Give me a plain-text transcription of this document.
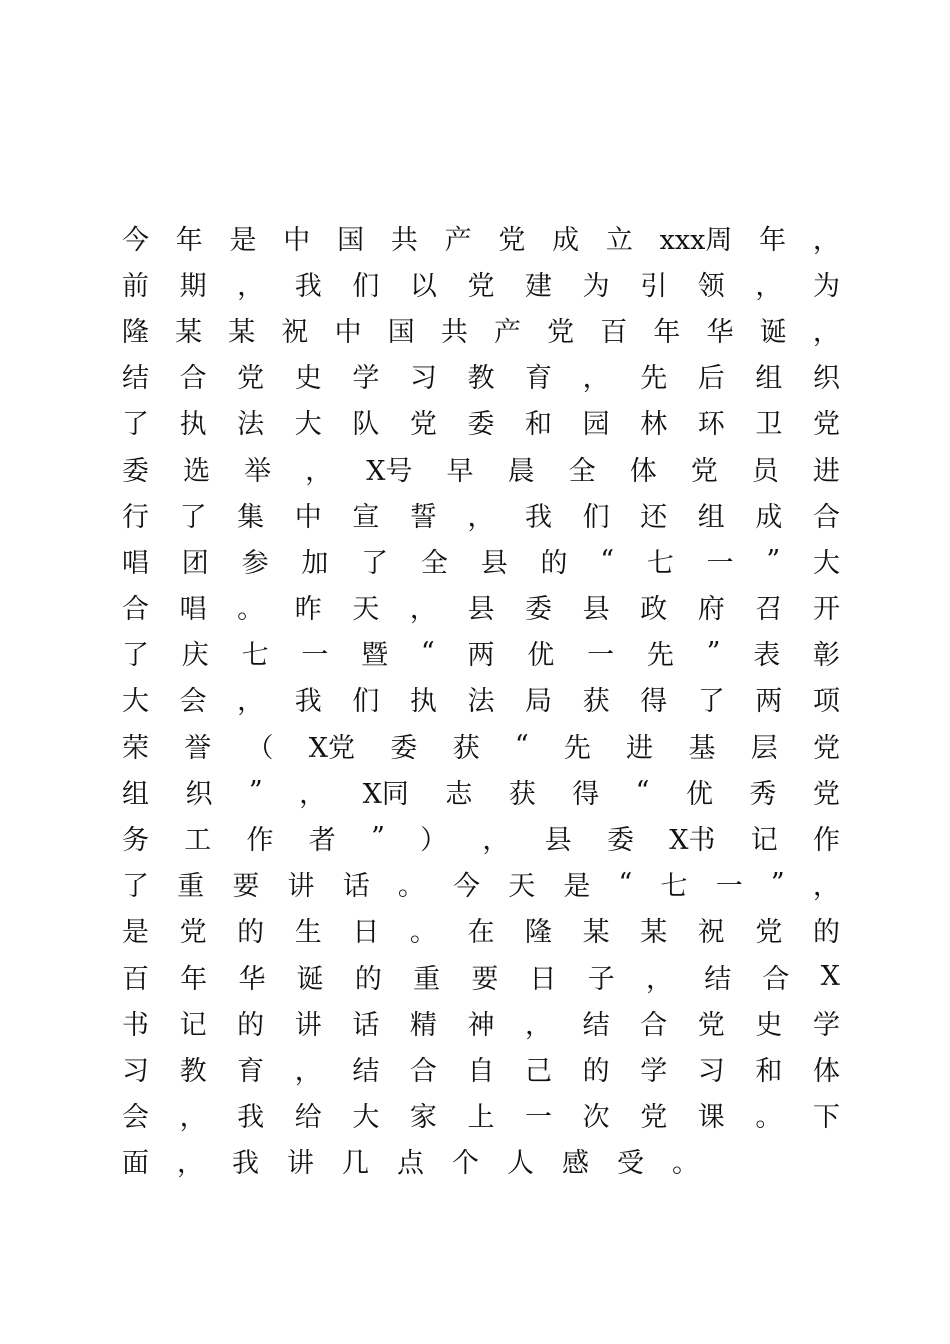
今 年 是 中 国 共 产 党 成 立 xxx周 年 ，
前 期 ， 我 们 以 党 建 为 引 领 ， 为
隆 某 某 祝 中 国 共 产 党 百 年 华 诞 ，
结 合 党 史 学 习 教 育 ， 先 后 组 织
了 执 法 大 队 党 委 和 园 林 环 卫 党
委 选 举 ， X号 早 晨 全 体 党 员 进
行 了 集 中 宣 誓 ， 我 们 还 组 成 合
唱 团 参 加 了 全 县 的 “ 七 一 ” 大
合 唱 。 昨 天 ， 县 委 县 政 府 召 开
了 庆 七 一 暨 “ 两 优 一 先 ” 表 彰
大 会 ， 我 们 执 法 局 获 得 了 两 项
荣 誉 （ X党 委 获 “ 先 进 基 层 党
组 织 ” ， X同 志 获 得 “ 优 秀 党
务 工 作 者 ” ） ， 县 委 X书 记 作
了 重 要 讲 话 。 今 天 是 “ 七 一 ” ，
是 党 的 生 日 。 在 隆 某 某 祝 党 的
百 年 华 诞 的 重 要 日 子 ， 结 合 X
书 记 的 讲 话 精 神 ， 结 合 党 史 学
习 教 育 ， 结 合 自 己 的 学 习 和 体
会 ， 我 给 大 家 上 一 次 党 课 。 下
面 ， 我 讲 几 点 个 人 感 受 。
